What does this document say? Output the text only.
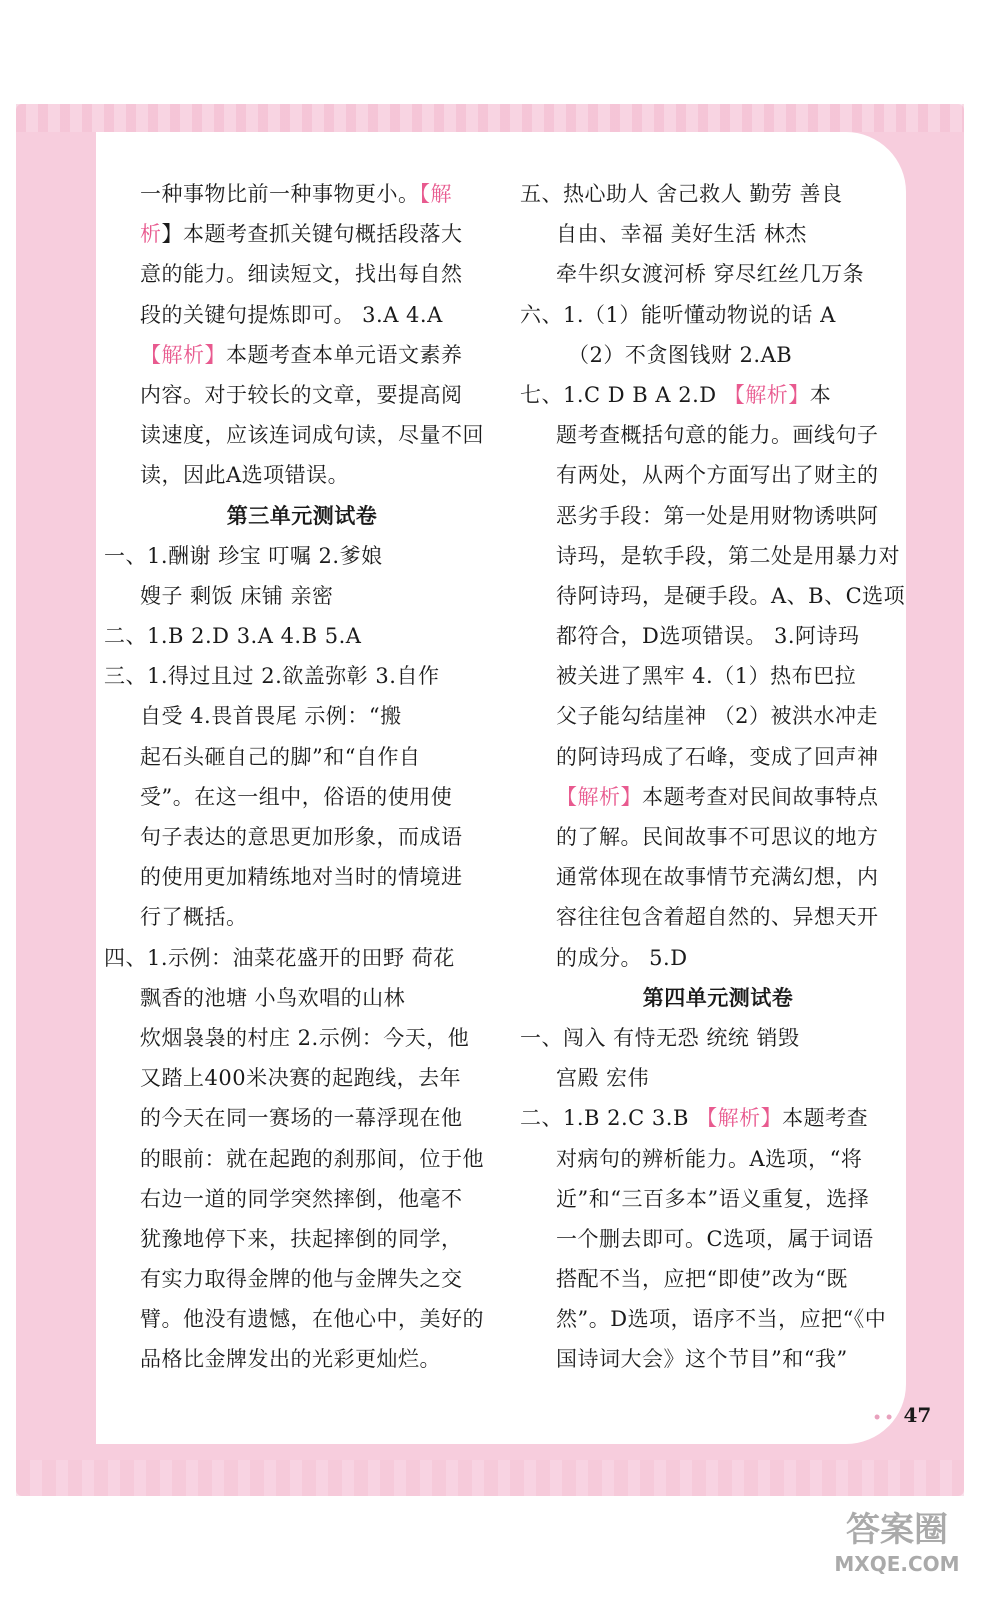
一种事物比前一种事物更小。【解
析】本题考查抓关键句概括段落大
意的能力。细读短文，找出每自然
段的关键句提炼即可。 3.A 4.A
【解析】本题考查本单元语文素养
内容。对于较长的文章，要提高阅
读速度，应该连词成句读，尽量不回
读，因此A选项错误。
第三单元测试卷
一、1.酬谢 珍宝 叮嘱 2.爹娘
嫂子 剩饭 床铺 亲密
二、1.B 2.D 3.A 4.B 5.A
三、1.得过且过 2.欲盖弥彰 3.自作
自受 4.畏首畏尾 示例：“搬
起石头砸自己的脚”和“自作自
受”。在这一组中，俗语的使用使
句子表达的意思更加形象，而成语
的使用更加精练地对当时的情境进
行了概括。
四、1.示例：油菜花盛开的田野 荷花
飘香的池塘 小鸟欢唱的山林
炊烟袅袅的村庄 2.示例：今天，他
又踏上400米决赛的起跑线，去年
的今天在同一赛场的一幕浮现在他
的眼前：就在起跑的刹那间，位于他
右边一道的同学突然摔倒，他毫不
犹豫地停下来，扶起摔倒的同学，
有实力取得金牌的他与金牌失之交
臂。他没有遗憾，在他心中，美好的
品格比金牌发出的光彩更灿烂。
五、热心助人 舍己救人 勤劳 善良
自由、幸福 美好生活 林杰
牵牛织女渡河桥 穿尽红丝几万条
六、1.（1）能听懂动物说的话 A
（2）不贪图钱财 2.AB
七、1.C D B A 2.D 【解析】本
题考查概括句意的能力。画线句子
有两处，从两个方面写出了财主的
恶劣手段：第一处是用财物诱哄阿
诗玛，是软手段，第二处是用暴力对
待阿诗玛，是硬手段。A、B、C选项
都符合，D选项错误。 3.阿诗玛
被关进了黑牢 4.（1）热布巴拉
父子能勾结崖神 （2）被洪水冲走
的阿诗玛成了石峰，变成了回声神
【解析】本题考查对民间故事特点
的了解。民间故事不可思议的地方
通常体现在故事情节充满幻想，内
容往往包含着超自然的、异想天开
的成分。 5.D
第四单元测试卷
一、闯入 有恃无恐 统统 销毁
宫殿 宏伟
二、1.B 2.C 3.B 【解析】本题考查
对病句的辨析能力。A选项，“将
近”和“三百多本”语义重复，选择
一个删去即可。C选项，属于词语
搭配不当，应把“即使”改为“既
然”。D选项，语序不当，应把“《中
国诗词大会》这个节目”和“我”
•• 47
答案圈
MXQE.COM
